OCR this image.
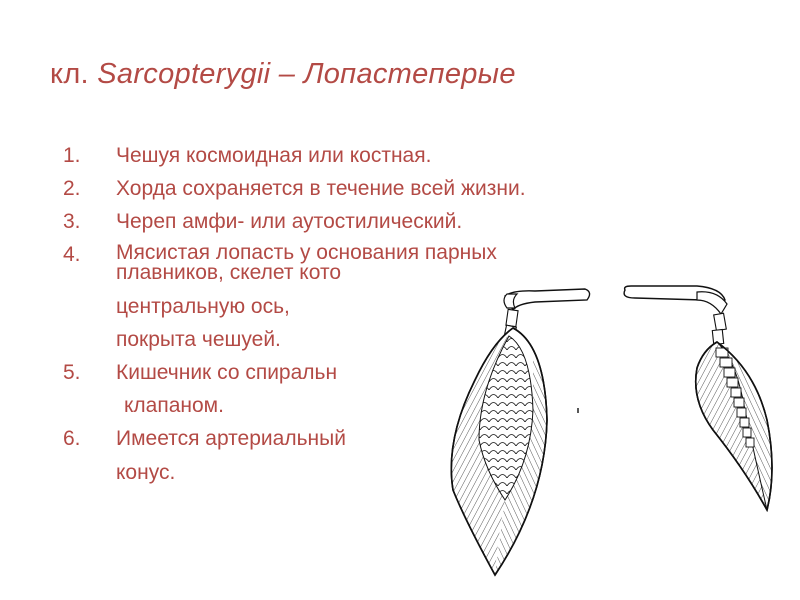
кл. Sarcopterygii – Лопастеперые
1. Чешуя космоидная или костная.
2. Хорда сохраняется в течение всей жизни.
3. Череп амфи- или аутостилический.
4. Мясистая лопасть у основания парных
плавников, скелет кото
центральную ось,
покрыта чешуей.
5. Кишечник со спиральн
клапаном.
6. Имеется артериальный
конус.
